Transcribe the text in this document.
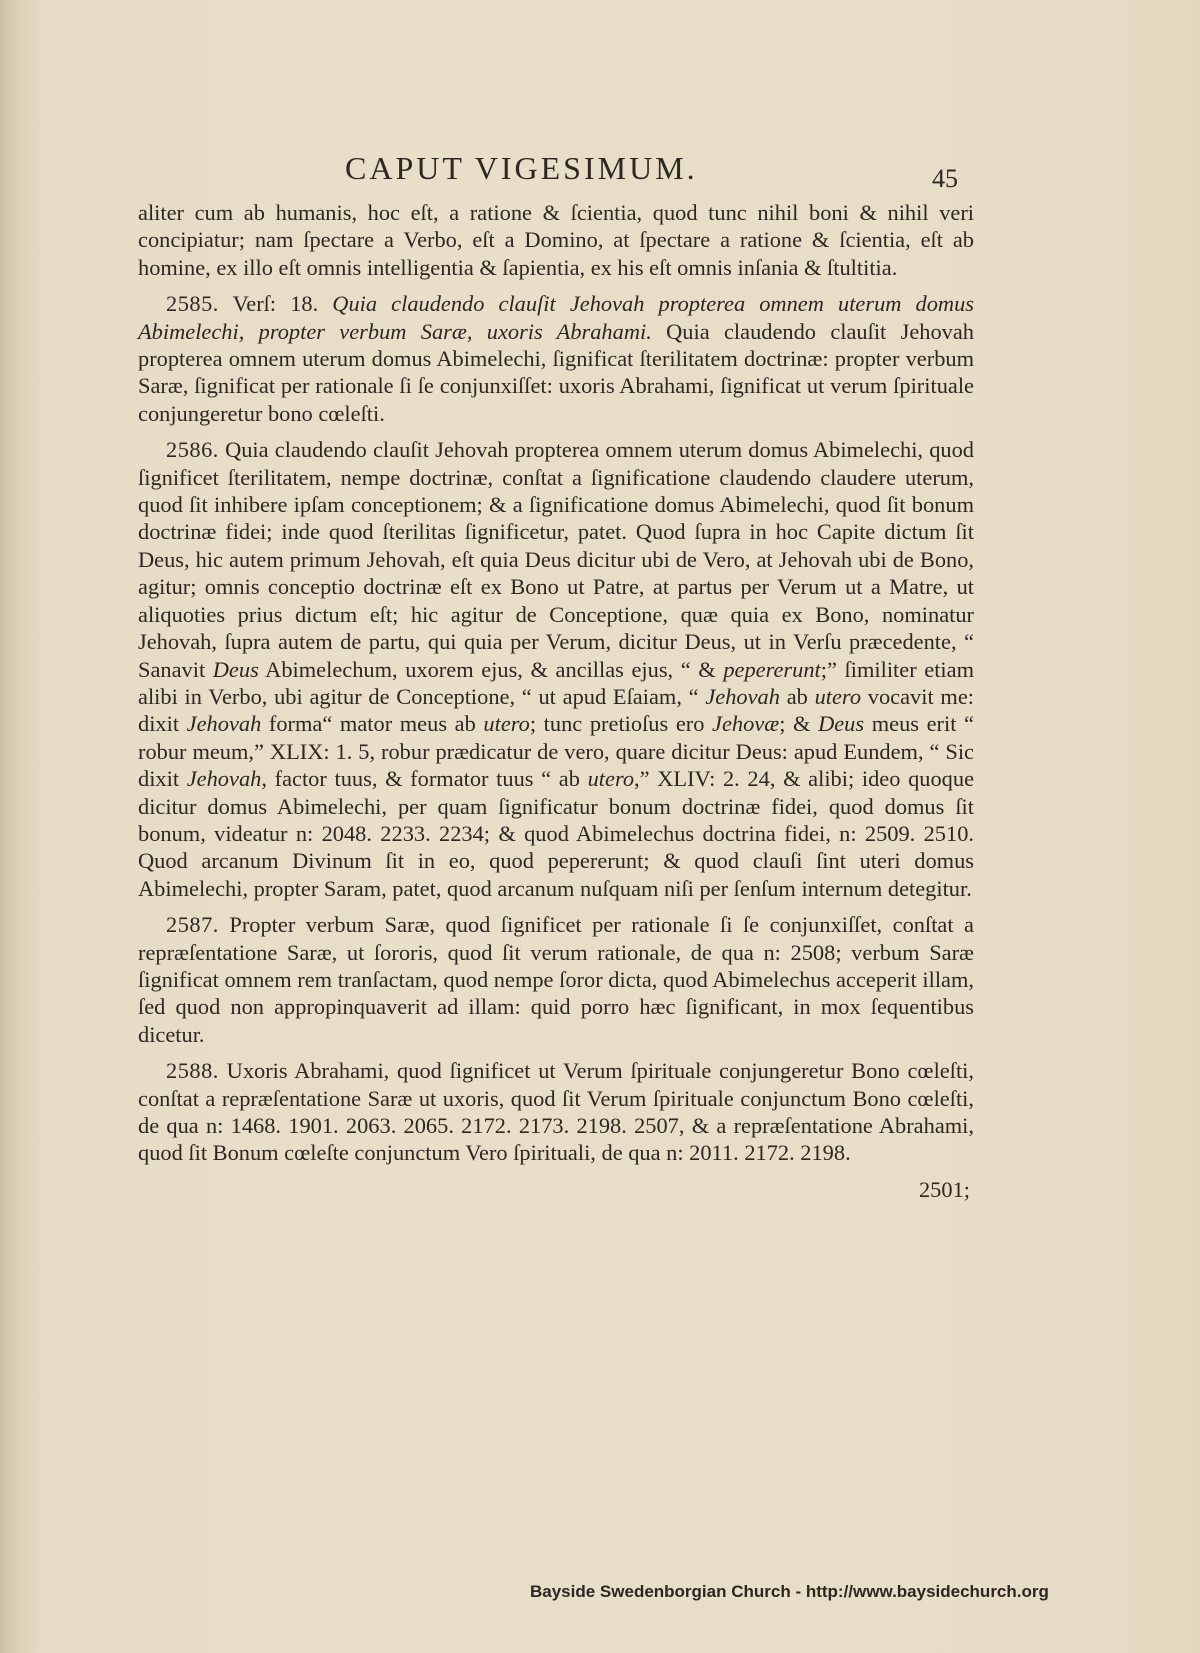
CAPUT VIGESIMUM.	45

aliter cum ab humanis, hoc eſt, a ratione & ſcientia, quod tunc nihil boni & nihil veri concipiatur; nam ſpectare a Verbo, eſt a Domino, at ſpectare a ratione & ſcientia, eſt ab homine, ex illo eſt omnis intelligentia & ſapientia, ex his eſt omnis inſania & ſtultitia.

2585. Verſ: 18. Quia claudendo clauſit Jehovah propterea omnem uterum domus Abimelechi, propter verbum Saræ, uxoris Abrahami. Quia claudendo clauſit Jehovah propterea omnem uterum domus Abimelechi, ſignificat ſterilitatem doctrinæ: propter verbum Saræ, ſignificat per rationale ſi ſe conjunxiſſet: uxoris Abrahami, ſignificat ut verum ſpirituale conjungeretur bono cœleſti.

2586. Quia claudendo clauſit Jehovah propterea omnem uterum domus Abimelechi, quod ſignificet ſterilitatem, nempe doctrinæ, conſtat a ſignificatione claudendo claudere uterum, quod ſit inhibere ipſam conceptionem; & a ſignificatione domus Abimelechi, quod ſit bonum doctrinæ fidei; inde quod ſterilitas ſignificetur, patet. Quod ſupra in hoc Capite dictum ſit Deus, hic autem primum Jehovah, eſt quia Deus dicitur ubi de Vero, at Jehovah ubi de Bono, agitur; omnis conceptio doctrinæ eſt ex Bono ut Patre, at partus per Verum ut a Matre, ut aliquoties prius dictum eſt; hic agitur de Conceptione, quæ quia ex Bono, nominatur Jehovah, ſupra autem de partu, qui quia per Verum, dicitur Deus, ut in Verſu præcedente, “ Sanavit Deus Abimelechum, uxorem ejus, & ancillas ejus, “ & pepererunt;” ſimiliter etiam alibi in Verbo, ubi agitur de Conceptione, “ ut apud Eſaiam, “ Jehovah ab utero vocavit me: dixit Jehovah forma“ mator meus ab utero; tunc pretioſus ero Jehovæ; & Deus meus erit “ robur meum,” XLIX: 1. 5, robur prædicatur de vero, quare dicitur Deus: apud Eundem, “ Sic dixit Jehovah, factor tuus, & formator tuus “ ab utero,” XLIV: 2. 24, & alibi; ideo quoque dicitur domus Abimelechi, per quam ſignificatur bonum doctrinæ fidei, quod domus ſit bonum, videatur n: 2048. 2233. 2234; & quod Abimelechus doctrina fidei, n: 2509. 2510. Quod arcanum Divinum ſit in eo, quod pepererunt; & quod clauſi ſint uteri domus Abimelechi, propter Saram, patet, quod arcanum nuſquam niſi per ſenſum internum detegitur.

2587. Propter verbum Saræ, quod ſignificet per rationale ſi ſe conjunxiſſet, conſtat a repræſentatione Saræ, ut ſororis, quod ſit verum rationale, de qua n: 2508; verbum Saræ ſignificat omnem rem tranſactam, quod nempe ſoror dicta, quod Abimelechus acceperit illam, ſed quod non appropinquaverit ad illam: quid porro hæc ſignificant, in mox ſequentibus dicetur.

2588. Uxoris Abrahami, quod ſignificet ut Verum ſpirituale conjungeretur Bono cœleſti, conſtat a repræſentatione Saræ ut uxoris, quod ſit Verum ſpirituale conjunctum Bono cœleſti, de qua n: 1468. 1901. 2063. 2065. 2172. 2173. 2198. 2507, & a repræſentatione Abrahami, quod ſit Bonum cœleſte conjunctum Vero ſpirituali, de qua n: 2011. 2172. 2198.

2501;
Bayside Swedenborgian Church - http://www.baysidechurch.org
